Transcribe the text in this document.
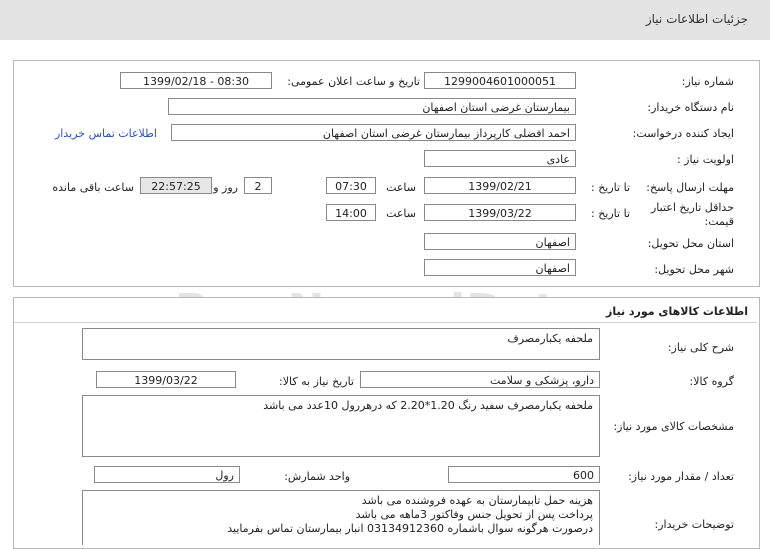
جزئیات اطلاعات نیاز
شماره نیاز:
1299004601000051
تاریخ و ساعت اعلان عمومی:
1399/02/18 - 08:30
نام دستگاه خریدار:
بیمارستان غرضی استان اصفهان
ایجاد کننده درخواست:
احمد افضلی کارپرداز بیمارستان غرضی استان اصفهان
اطلاعات تماس خریدار
اولویت نیاز :
عادی
مهلت ارسال پاسخ:
تا تاریخ :
1399/02/21
ساعت
07:30
2
روز و
22:57:25
ساعت باقی مانده
حداقل تاریخ اعتبار قیمت:
تا تاریخ :
1399/03/22
ساعت
14:00
استان محل تحویل:
اصفهان
شهر محل تحویل:
اصفهان
اطلاعات کالاهای مورد نیاز
شرح کلی نیاز:
ملحفه یکبارمصرف
گروه کالا:
دارو، پزشکی و سلامت
تاریخ نیاز به کالا:
1399/03/22
مشخصات کالای مورد نیاز:
ملحفه یکبارمصرف سفید رنگ 1.20*2.20 که درهررول 10عدد می باشد
تعداد / مقدار مورد نیاز:
600
واحد شمارش:
رول
توضیحات خریدار:
هزینه حمل تابیمارستان به عهده فروشنده می باشد
پرداخت پس از تحویل جنس وفاکتور 3ماهه می باشد
درصورت هرگونه سوال باشماره 03134912360 انبار بیمارستان تماس بفرمایید
